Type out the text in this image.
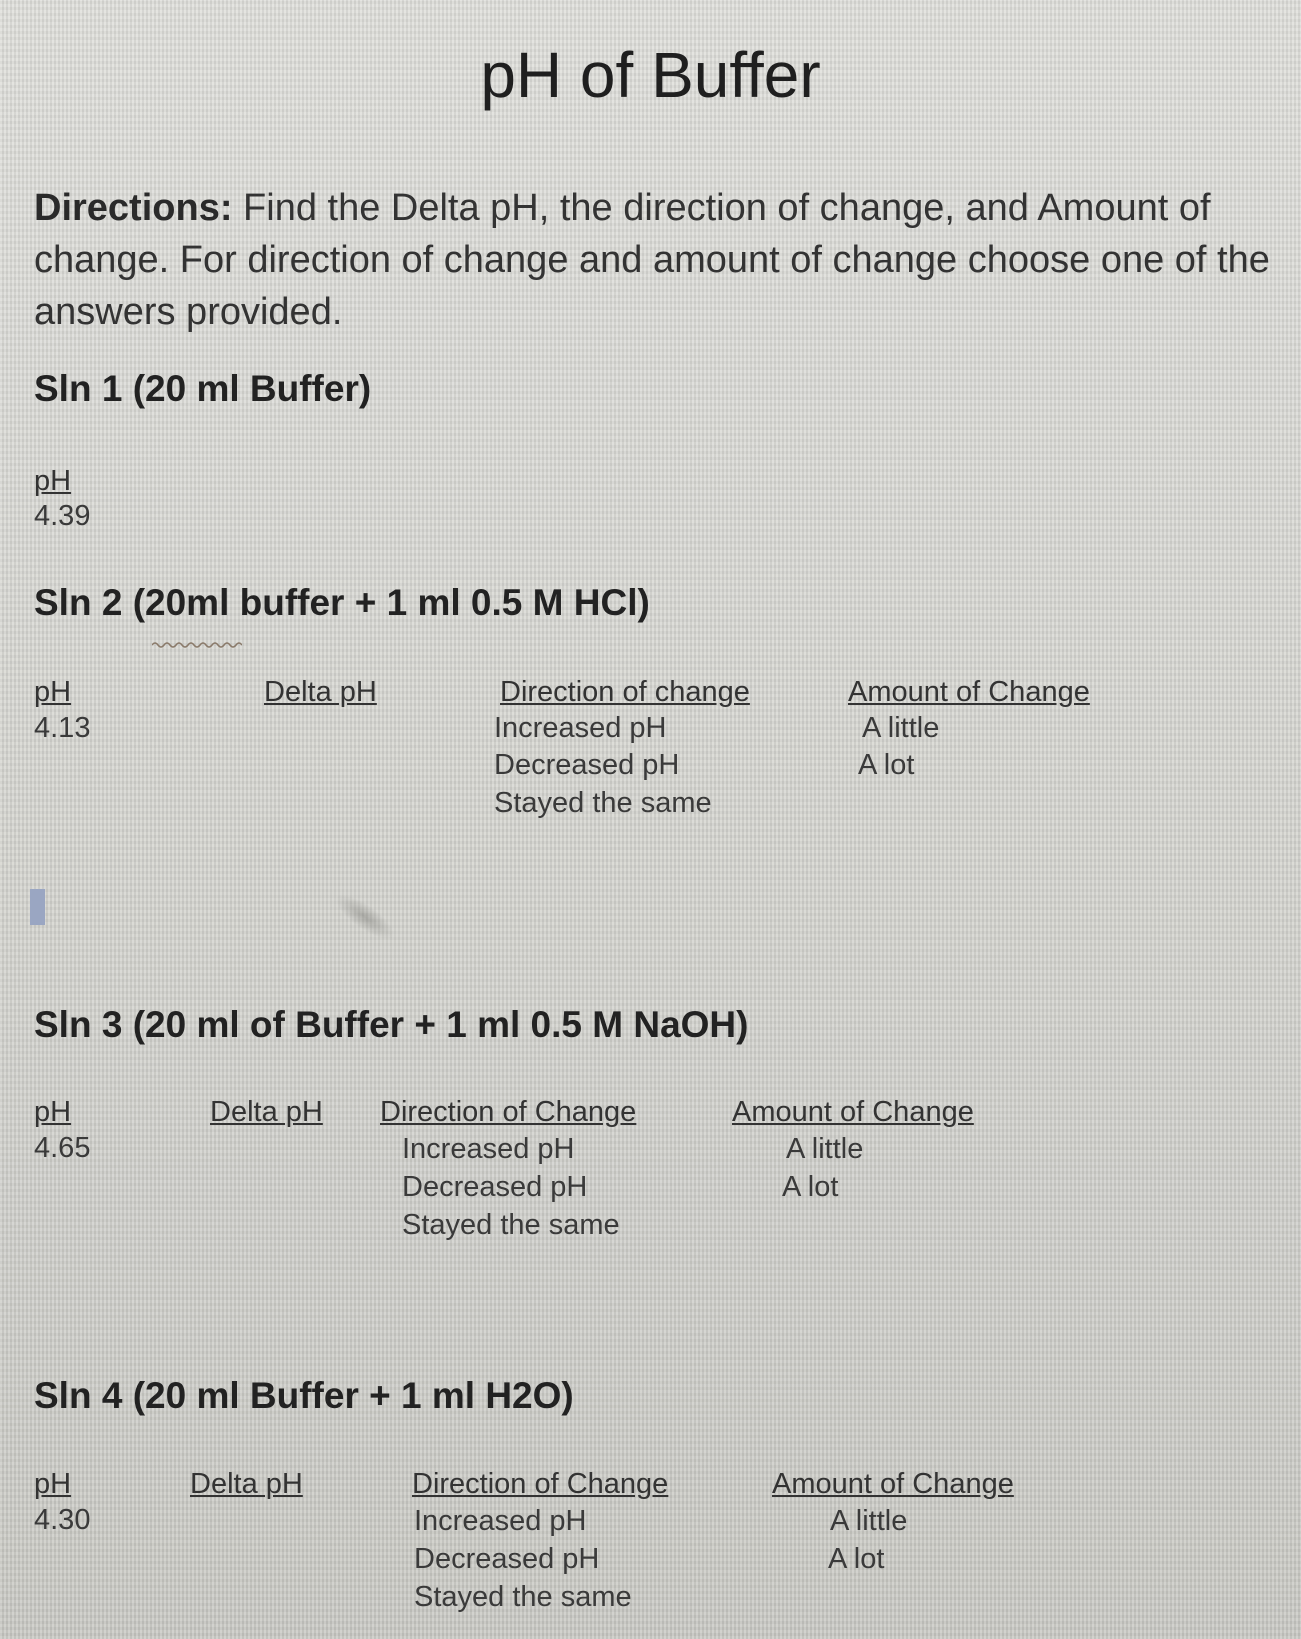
pH of Buffer
Directions: Find the Delta pH, the direction of change, and Amount of change. For direction of change and amount of change choose one of the answers provided.
Sln 1 (20 ml Buffer)
pH
4.39
Sln 2 (20ml buffer + 1 ml 0.5 M HCl)
pH
4.13
Delta pH	Direction of change
Increased pH
Decreased pH
Stayed the same
Amount of Change
A little
A lot
Sln 3 (20 ml of Buffer + 1 ml 0.5 M NaOH)
pH
4.65
Delta pH Direction of Change
Increased pH
Decreased pH
Stayed the same
Amount of Change
A little
A lot
Sln 4 (20 ml Buffer + 1 ml H2O)
pH
4.30
Delta pH	Direction of Change
Increased pH
Decreased pH
Stayed the same
Amount of Change
A little
A lot
